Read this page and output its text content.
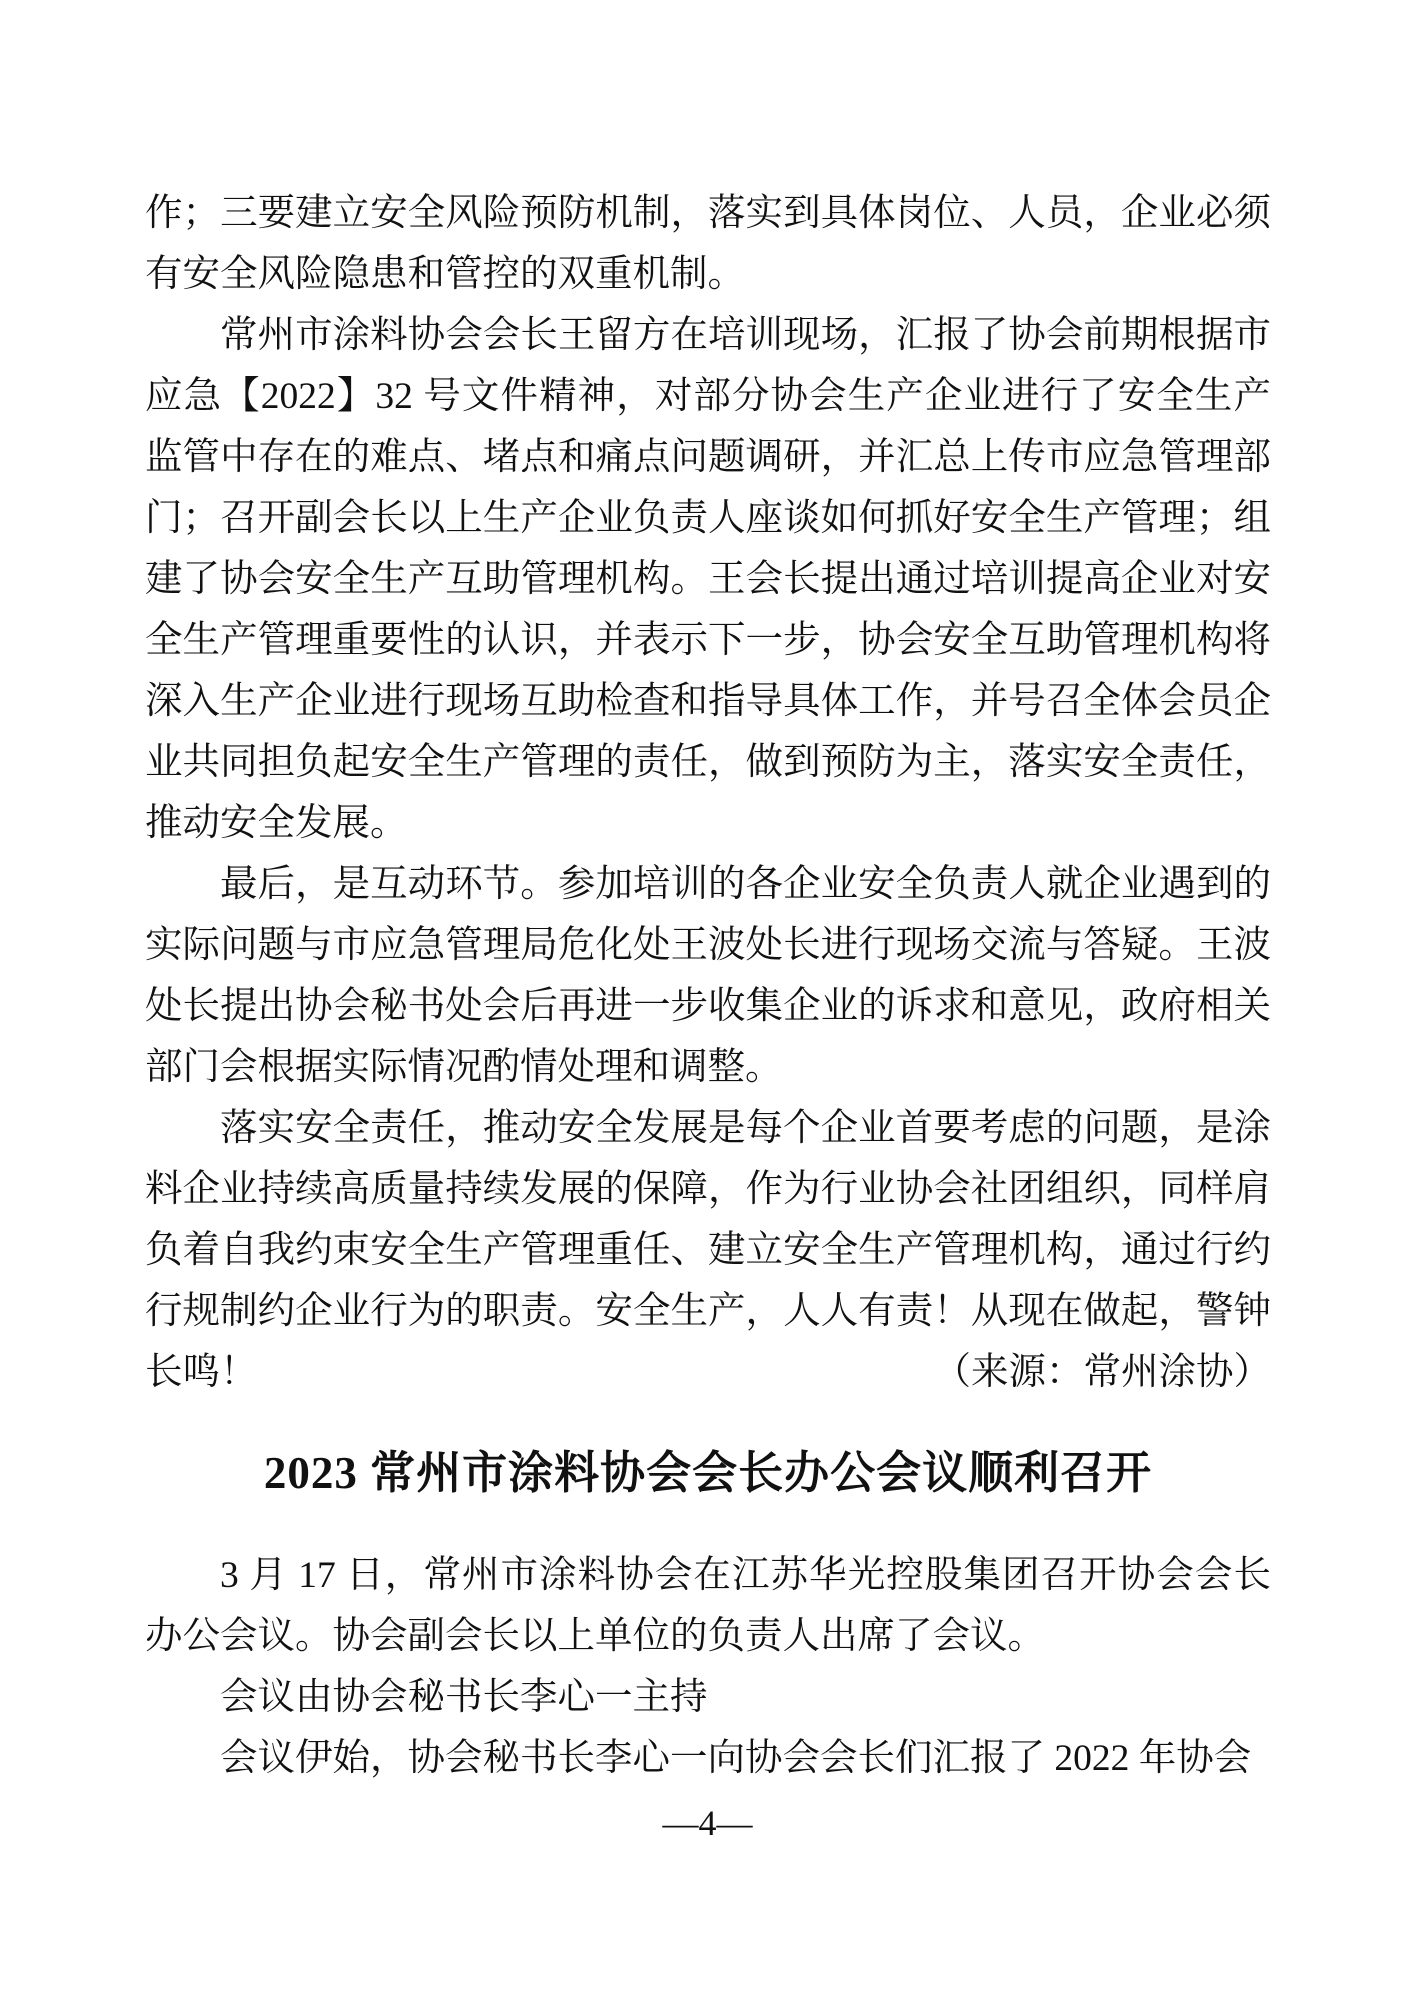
作；三要建立安全风险预防机制，落实到具体岗位、人员，企业必须有安全风险隐患和管控的双重机制。

常州市涂料协会会长王留方在培训现场，汇报了协会前期根据市应急【2022】32 号文件精神，对部分协会生产企业进行了安全生产监管中存在的难点、堵点和痛点问题调研，并汇总上传市应急管理部门；召开副会长以上生产企业负责人座谈如何抓好安全生产管理；组建了协会安全生产互助管理机构。王会长提出通过培训提高企业对安全生产管理重要性的认识，并表示下一步，协会安全互助管理机构将深入生产企业进行现场互助检查和指导具体工作，并号召全体会员企业共同担负起安全生产管理的责任，做到预防为主，落实安全责任，推动安全发展。

最后，是互动环节。参加培训的各企业安全负责人就企业遇到的实际问题与市应急管理局危化处王波处长进行现场交流与答疑。王波处长提出协会秘书处会后再进一步收集企业的诉求和意见，政府相关部门会根据实际情况酌情处理和调整。

落实安全责任，推动安全发展是每个企业首要考虑的问题，是涂料企业持续高质量持续发展的保障，作为行业协会社团组织，同样肩负着自我约束安全生产管理重任、建立安全生产管理机构，通过行约行规制约企业行为的职责。安全生产，人人有责！从现在做起，警钟长鸣！	（来源：常州涂协）
2023 常州市涂料协会会长办公会议顺利召开

3 月 17 日，常州市涂料协会在江苏华光控股集团召开协会会长办公会议。协会副会长以上单位的负责人出席了会议。

会议由协会秘书长李心一主持

会议伊始，协会秘书长李心一向协会会长们汇报了 2022 年协会

—4—
